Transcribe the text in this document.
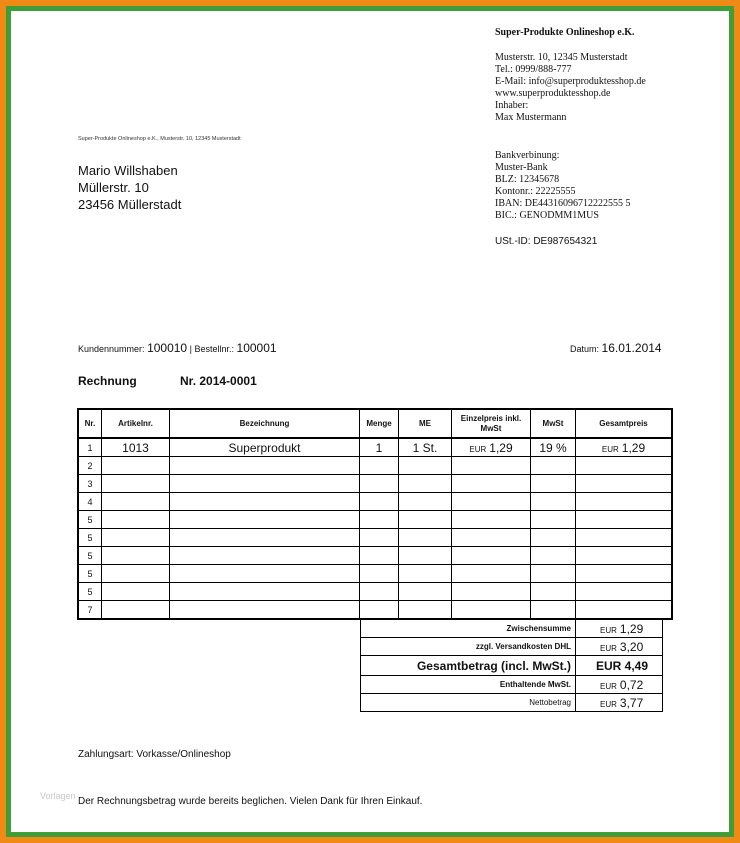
Super-Produkte Onlineshop e.K.
Musterstr. 10, 12345 Musterstadt
Tel.: 0999/888-777
E-Mail: info@superproduktesshop.de
www.superproduktesshop.de
Inhaber:
Max Mustermann
Super-Produkte Onlineshop e.K., Musterstr. 10, 12345 Musterstadt
Mario Willshaben
Müllerstr. 10
23456 Müllerstadt
Bankverbinung:
Muster-Bank
BLZ: 12345678
Kontonr.: 22225555
IBAN: DE44316096712222555 5
BIC.: GENODMM1MUS
USt.-ID: DE987654321
Kundennummer: 100010 | Bestellnr.: 100001	Datum: 16.01.2014
Rechnung	Nr. 2014-0001
Nr.	Artikelnr.	Bezeichnung	Menge	ME	Einzelpreis inkl. MwSt	MwSt	Gesamtpreis
1	1013	Superprodukt	1	1 St.	EUR 1,29	19 %	EUR 1,29
2							
3							
4							
5							
5							
5							
5							
5							
7							
Zwischensumme	EUR 1,29
zzgl. Versandkosten DHL	EUR 3,20
Gesamtbetrag (incl. MwSt.)	EUR 4,49
Enthaltende MwSt.	EUR 0,72
Nettobetrag	EUR 3,77
Zahlungsart: Vorkasse/Onlineshop
Vorlagen Der Rechnungsbetrag wurde bereits beglichen. Vielen Dank für Ihren Einkauf.
